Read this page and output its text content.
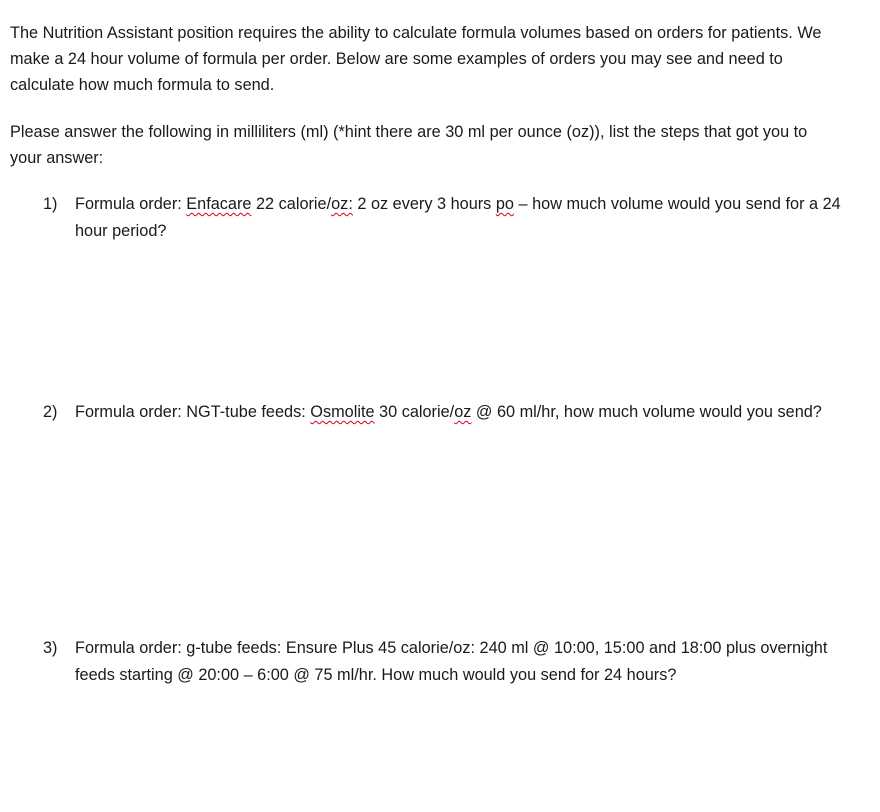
The Nutrition Assistant position requires the ability to calculate formula volumes based on orders for patients. We make a 24 hour volume of formula per order. Below are some examples of orders you may see and need to calculate how much formula to send.

Please answer the following in milliliters (ml) (*hint there are 30 ml per ounce (oz)), list the steps that got you to your answer:

1)	Formula order: Enfacare 22 calorie/oz: 2 oz every 3 hours po – how much volume would you send for a 24 hour period?
2)	Formula order: NGT-tube feeds: Osmolite 30 calorie/oz @ 60 ml/hr, how much volume would you send?
3)	Formula order: g-tube feeds: Ensure Plus 45 calorie/oz: 240 ml @ 10:00, 15:00 and 18:00 plus overnight feeds starting @ 20:00 – 6:00 @ 75 ml/hr. How much would you send for 24 hours?
